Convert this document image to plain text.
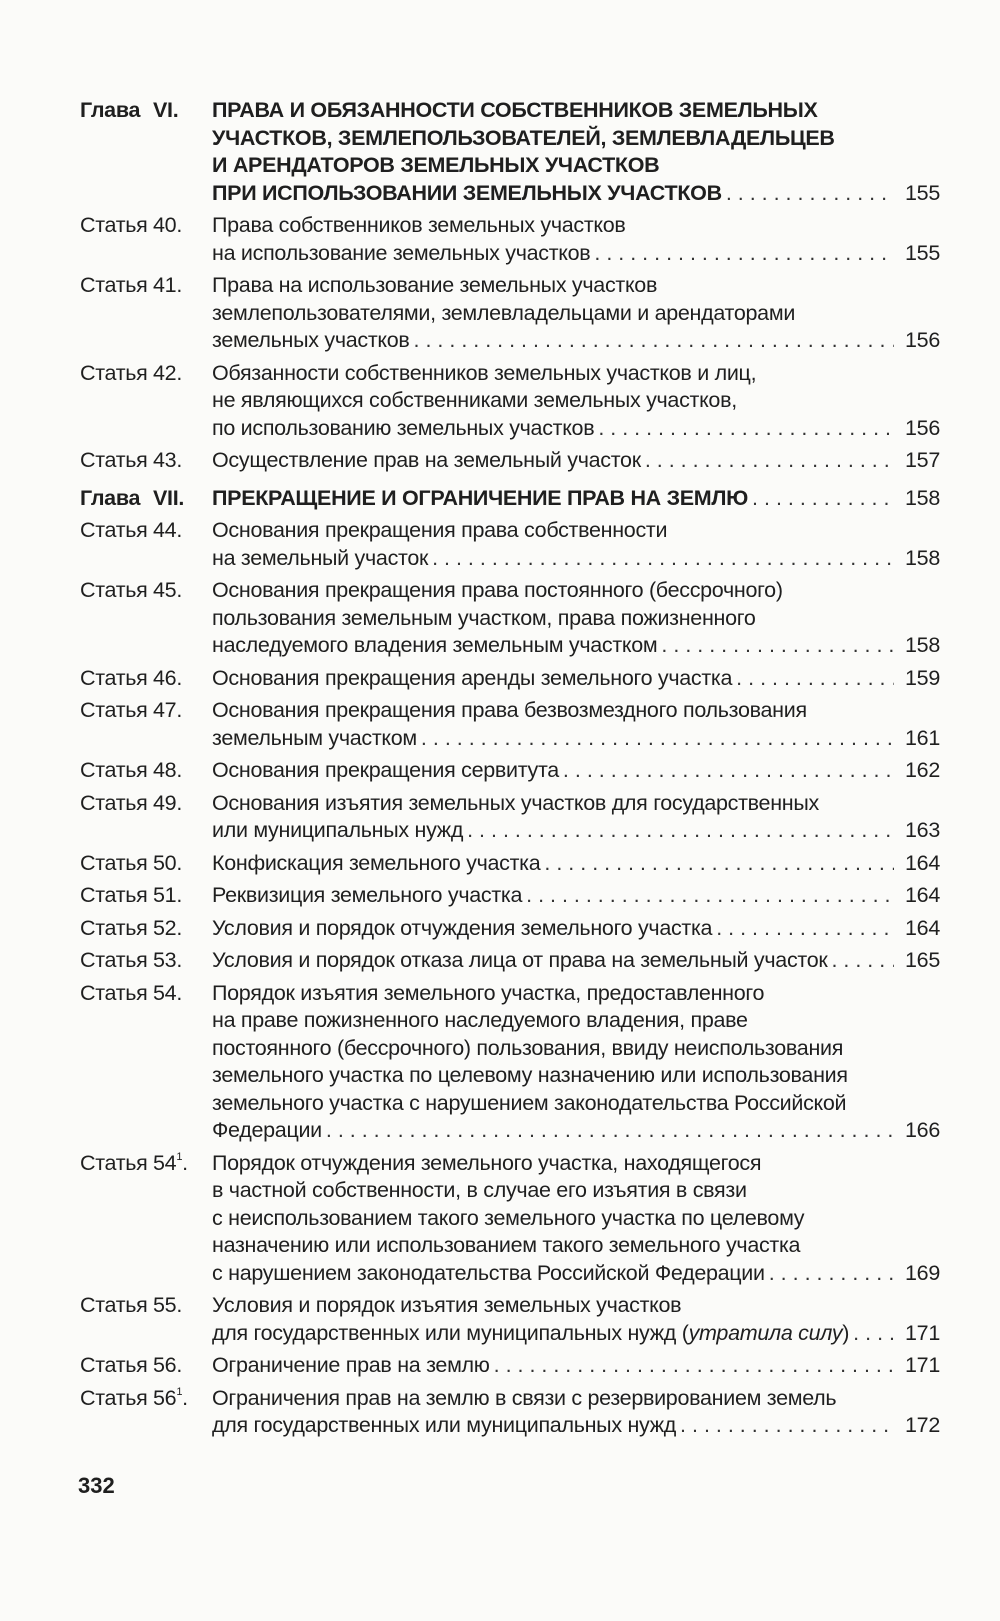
Глава VI.	ПРАВА И ОБЯЗАННОСТИ СОБСТВЕННИКОВ ЗЕМЕЛЬНЫХ
УЧАСТКОВ, ЗЕМЛЕПОЛЬЗОВАТЕЛЕЙ, ЗЕМЛЕВЛАДЕЛЬЦЕВ
И АРЕНДАТОРОВ ЗЕМЕЛЬНЫХ УЧАСТКОВ
ПРИ ИСПОЛЬЗОВАНИИ ЗЕМЕЛЬНЫХ УЧАСТКОВ . . .	155
Статья 40.	Права собственников земельных участков
на использование земельных участков . . .	155
Статья 41.	Права на использование земельных участков
землепользователями, землевладельцами и арендаторами
земельных участков . . .	156
Статья 42.	Обязанности собственников земельных участков и лиц,
не являющихся собственниками земельных участков,
по использованию земельных участков . . .	156
Статья 43.	Осуществление прав на земельный участок . . .	157
Глава VII.	ПРЕКРАЩЕНИЕ И ОГРАНИЧЕНИЕ ПРАВ НА ЗЕМЛЮ . . .	158
Статья 44.	Основания прекращения права собственности
на земельный участок . . .	158
Статья 45.	Основания прекращения права постоянного (бессрочного)
пользования земельным участком, права пожизненного
наследуемого владения земельным участком . . .	158
Статья 46.	Основания прекращения аренды земельного участка . . .	159
Статья 47.	Основания прекращения права безвозмездного пользования
земельным участком . . .	161
Статья 48.	Основания прекращения сервитута . . .	162
Статья 49.	Основания изъятия земельных участков для государственных
или муниципальных нужд . . .	163
Статья 50.	Конфискация земельного участка . . .	164
Статья 51.	Реквизиция земельного участка . . .	164
Статья 52.	Условия и порядок отчуждения земельного участка . . .	164
Статья 53.	Условия и порядок отказа лица от права на земельный участок . . .	165
Статья 54.	Порядок изъятия земельного участка, предоставленного
на праве пожизненного наследуемого владения, праве
постоянного (бессрочного) пользования, ввиду неиспользования
земельного участка по целевому назначению или использования
земельного участка с нарушением законодательства Российской
Федерации . . .	166
Статья $54^1$.	Порядок отчуждения земельного участка, находящегося
в частной собственности, в случае его изъятия в связи
с неиспользованием такого земельного участка по целевому
назначению или использованием такого земельного участка
с нарушением законодательства Российской Федерации . . .	169
Статья 55.	Условия и порядок изъятия земельных участков
для государственных или муниципальных нужд (утратила силу) . . .	171
Статья 56.	Ограничение прав на землю . . .	171
Статья $56^1$.	Ограничения прав на землю в связи с резервированием земель
для государственных или муниципальных нужд . . .	172
332
